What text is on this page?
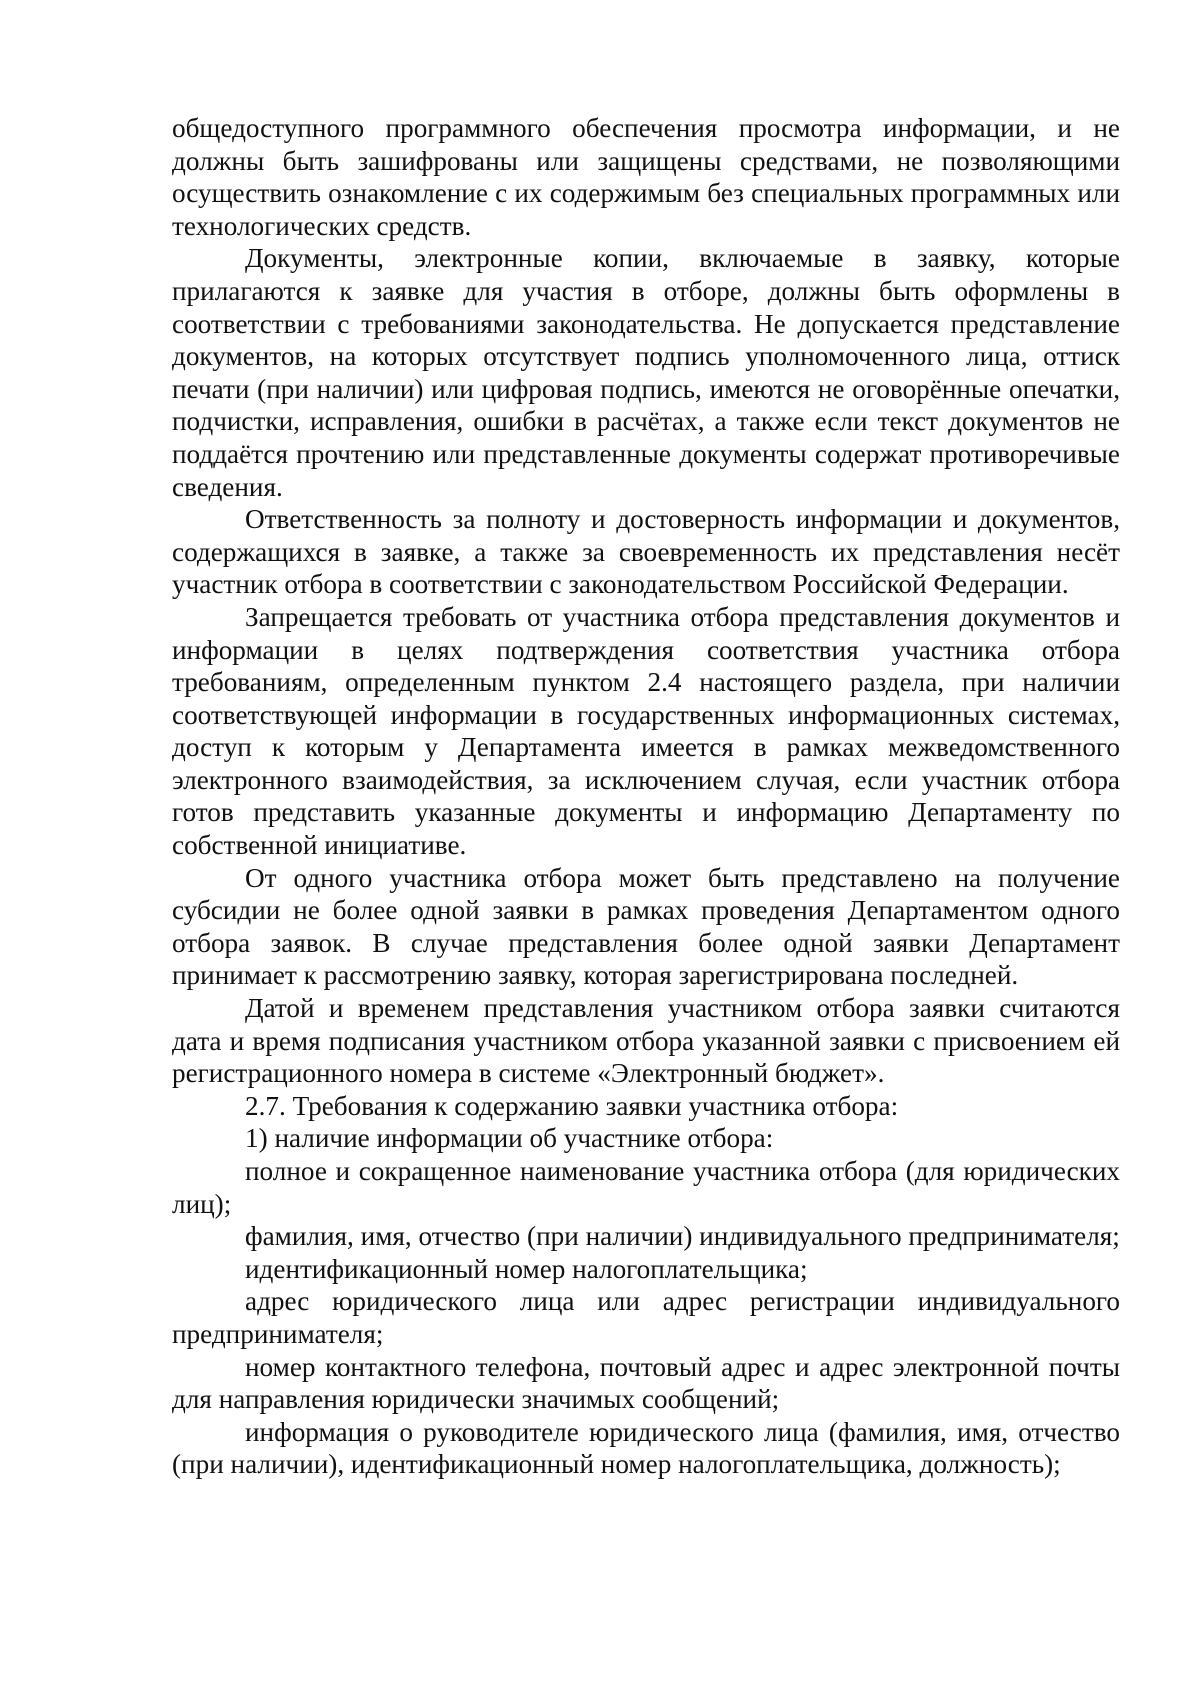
общедоступного программного обеспечения просмотра информации, и не должны быть зашифрованы или защищены средствами, не позволяющими осуществить ознакомление с их содержимым без специальных программных или технологических средств.

Документы, электронные копии, включаемые в заявку, которые прилагаются к заявке для участия в отборе, должны быть оформлены в соответствии с требованиями законодательства. Не допускается представление документов, на которых отсутствует подпись уполномоченного лица, оттиск печати (при наличии) или цифровая подпись, имеются не оговорённые опечатки, подчистки, исправления, ошибки в расчётах, а также если текст документов не поддаётся прочтению или представленные документы содержат противоречивые сведения.

Ответственность за полноту и достоверность информации и документов, содержащихся в заявке, а также за своевременность их представления несёт участник отбора в соответствии с законодательством Российской Федерации.

Запрещается требовать от участника отбора представления документов и информации в целях подтверждения соответствия участника отбора требованиям, определенным пунктом 2.4 настоящего раздела, при наличии соответствующей информации в государственных информационных системах, доступ к которым у Департамента имеется в рамках межведомственного электронного взаимодействия, за исключением случая, если участник отбора готов представить указанные документы и информацию Департаменту по собственной инициативе.

От одного участника отбора может быть представлено на получение субсидии не более одной заявки в рамках проведения Департаментом одного отбора заявок. В случае представления более одной заявки Департамент принимает к рассмотрению заявку, которая зарегистрирована последней.

Датой и временем представления участником отбора заявки считаются дата и время подписания участником отбора указанной заявки с присвоением ей регистрационного номера в системе «Электронный бюджет».

2.7. Требования к содержанию заявки участника отбора:

1) наличие информации об участнике отбора:

полное и сокращенное наименование участника отбора (для юридических лиц);

фамилия, имя, отчество (при наличии) индивидуального предпринимателя;

идентификационный номер налогоплательщика;

адрес юридического лица или адрес регистрации индивидуального предпринимателя;

номер контактного телефона, почтовый адрес и адрес электронной почты для направления юридически значимых сообщений;

информация о руководителе юридического лица (фамилия, имя, отчество (при наличии), идентификационный номер налогоплательщика, должность);
